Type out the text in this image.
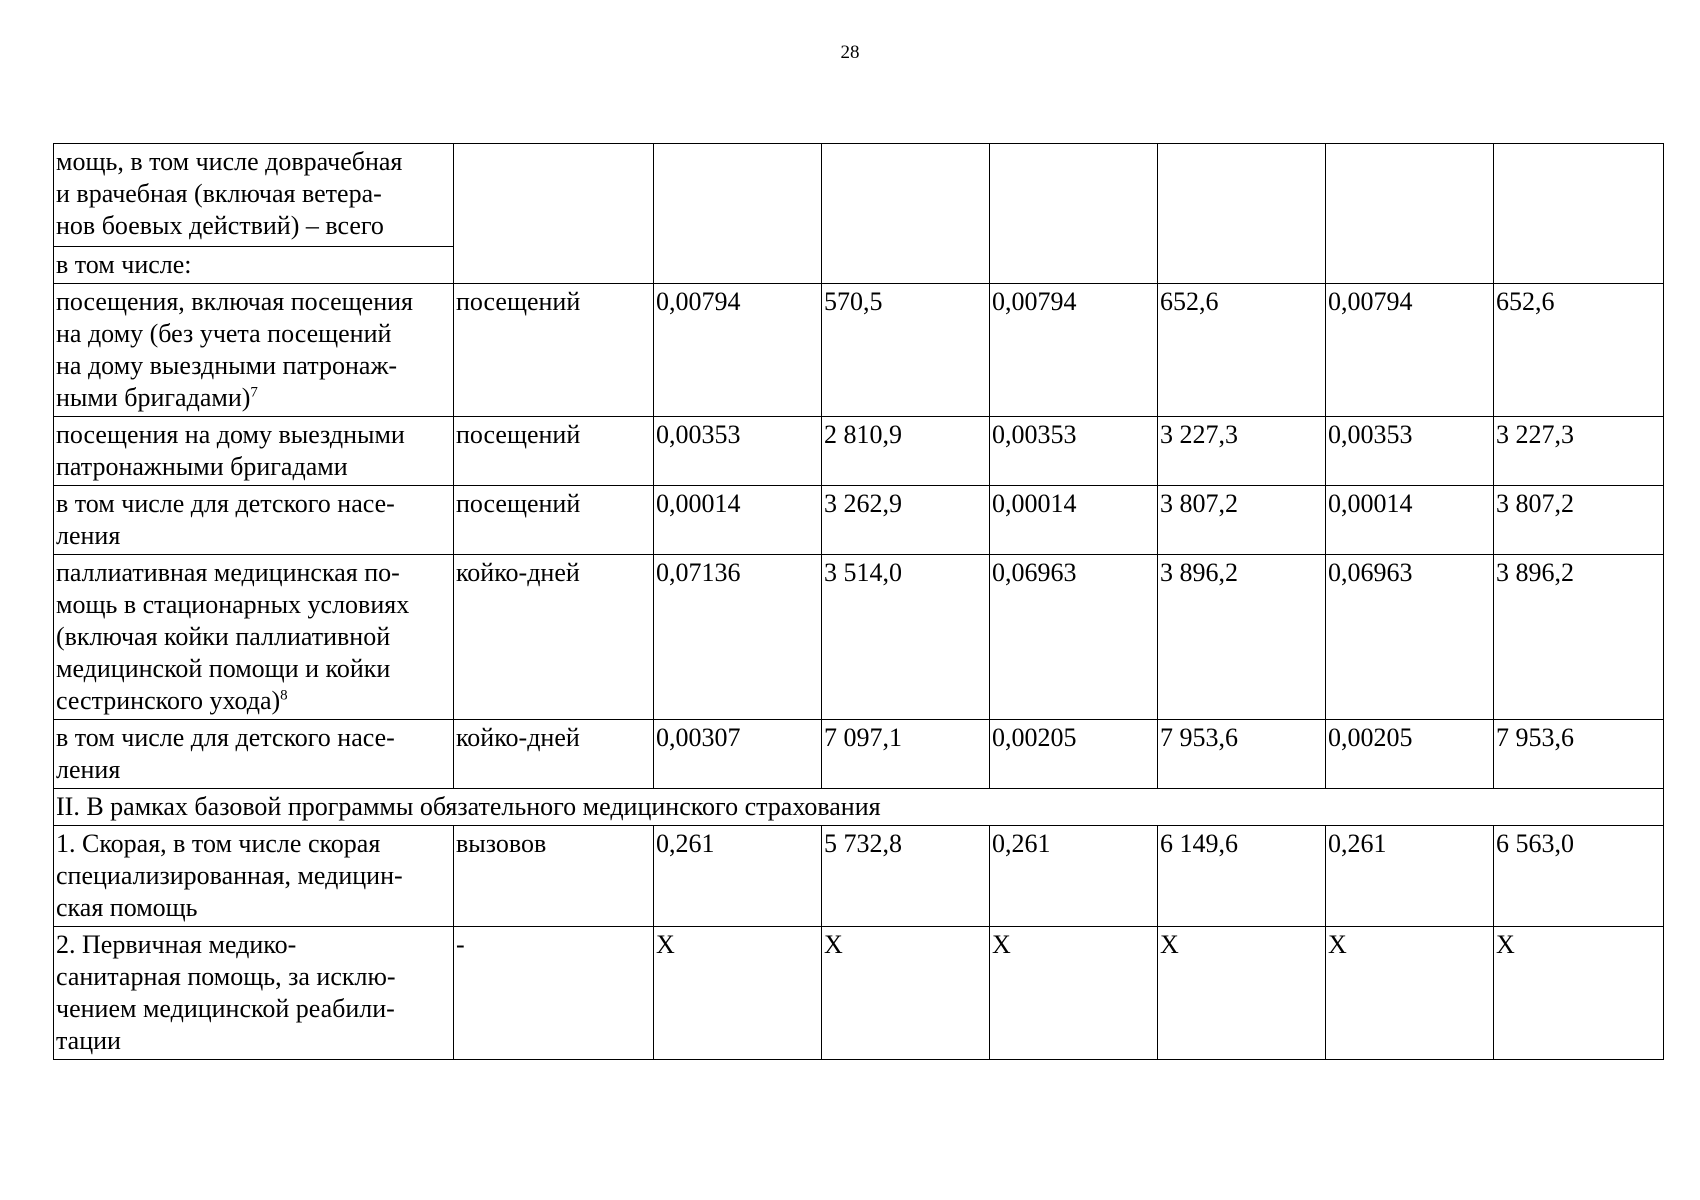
28
мощь, в том числе доврачебная
и врачебная (включая ветера-
нов боевых действий) – всего							
в том числе:							
посещения, включая посещения
на дому (без учета посещений
на дому выездными патронаж-
ными бригадами)$^7$	посещений	0,00794	570,5	0,00794	652,6	0,00794	652,6
посещения на дому выездными
патронажными бригадами	посещений	0,00353	2 810,9	0,00353	3 227,3	0,00353	3 227,3
в том числе для детского насе-
ления	посещений	0,00014	3 262,9	0,00014	3 807,2	0,00014	3 807,2
паллиативная медицинская по-
мощь в стационарных условиях
(включая койки паллиативной
медицинской помощи и койки
сестринского ухода)$^8$	койко-дней	0,07136	3 514,0	0,06963	3 896,2	0,06963	3 896,2
в том числе для детского насе-
ления	койко-дней	0,00307	7 097,1	0,00205	7 953,6	0,00205	7 953,6
II. В рамках базовой программы обязательного медицинского страхования							
1. Скорая, в том числе скорая
специализированная, медицин-
ская помощь	вызовов	0,261	5 732,8	0,261	6 149,6	0,261	6 563,0
2. Первичная медико-
санитарная помощь, за исклю-
чением медицинской реабили-
тации	-	Х	Х	Х	Х	Х	Х
